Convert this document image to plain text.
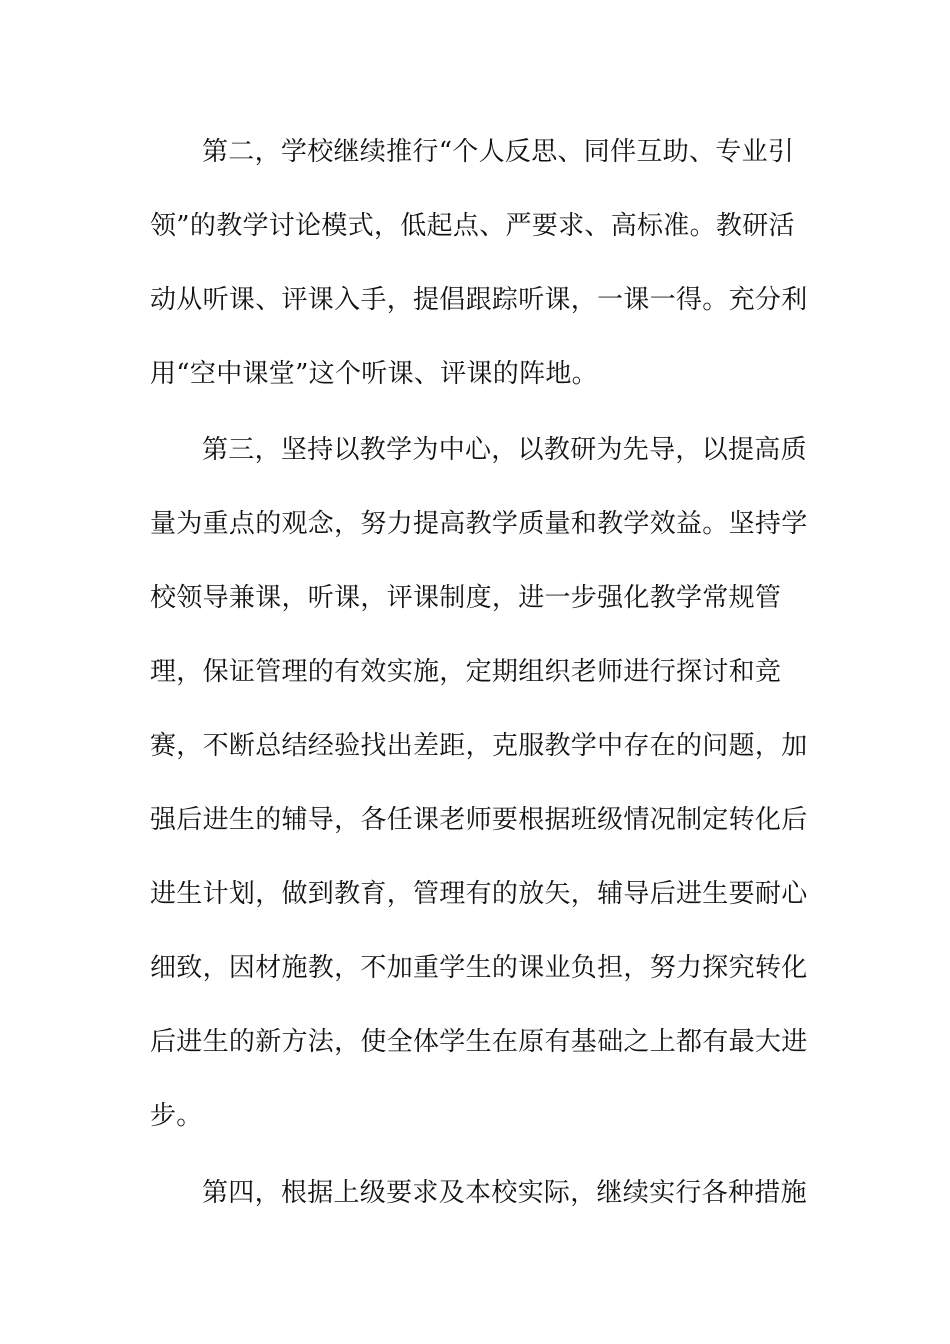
第二，学校继续推行“个人反思、同伴互助、专业引
领”的教学讨论模式，低起点、严要求、高标准。教研活
动从听课、评课入手，提倡跟踪听课，一课一得。充分利
用“空中课堂”这个听课、评课的阵地。
第三，坚持以教学为中心，以教研为先导，以提高质
量为重点的观念，努力提高教学质量和教学效益。坚持学
校领导兼课，听课，评课制度，进一步强化教学常规管
理，保证管理的有效实施，定期组织老师进行探讨和竞
赛，不断总结经验找出差距，克服教学中存在的问题，加
强后进生的辅导，各任课老师要根据班级情况制定转化后
进生计划，做到教育，管理有的放矢，辅导后进生要耐心
细致，因材施教，不加重学生的课业负担，努力探究转化
后进生的新方法，使全体学生在原有基础之上都有最大进
步。
第四，根据上级要求及本校实际，继续实行各种措施
